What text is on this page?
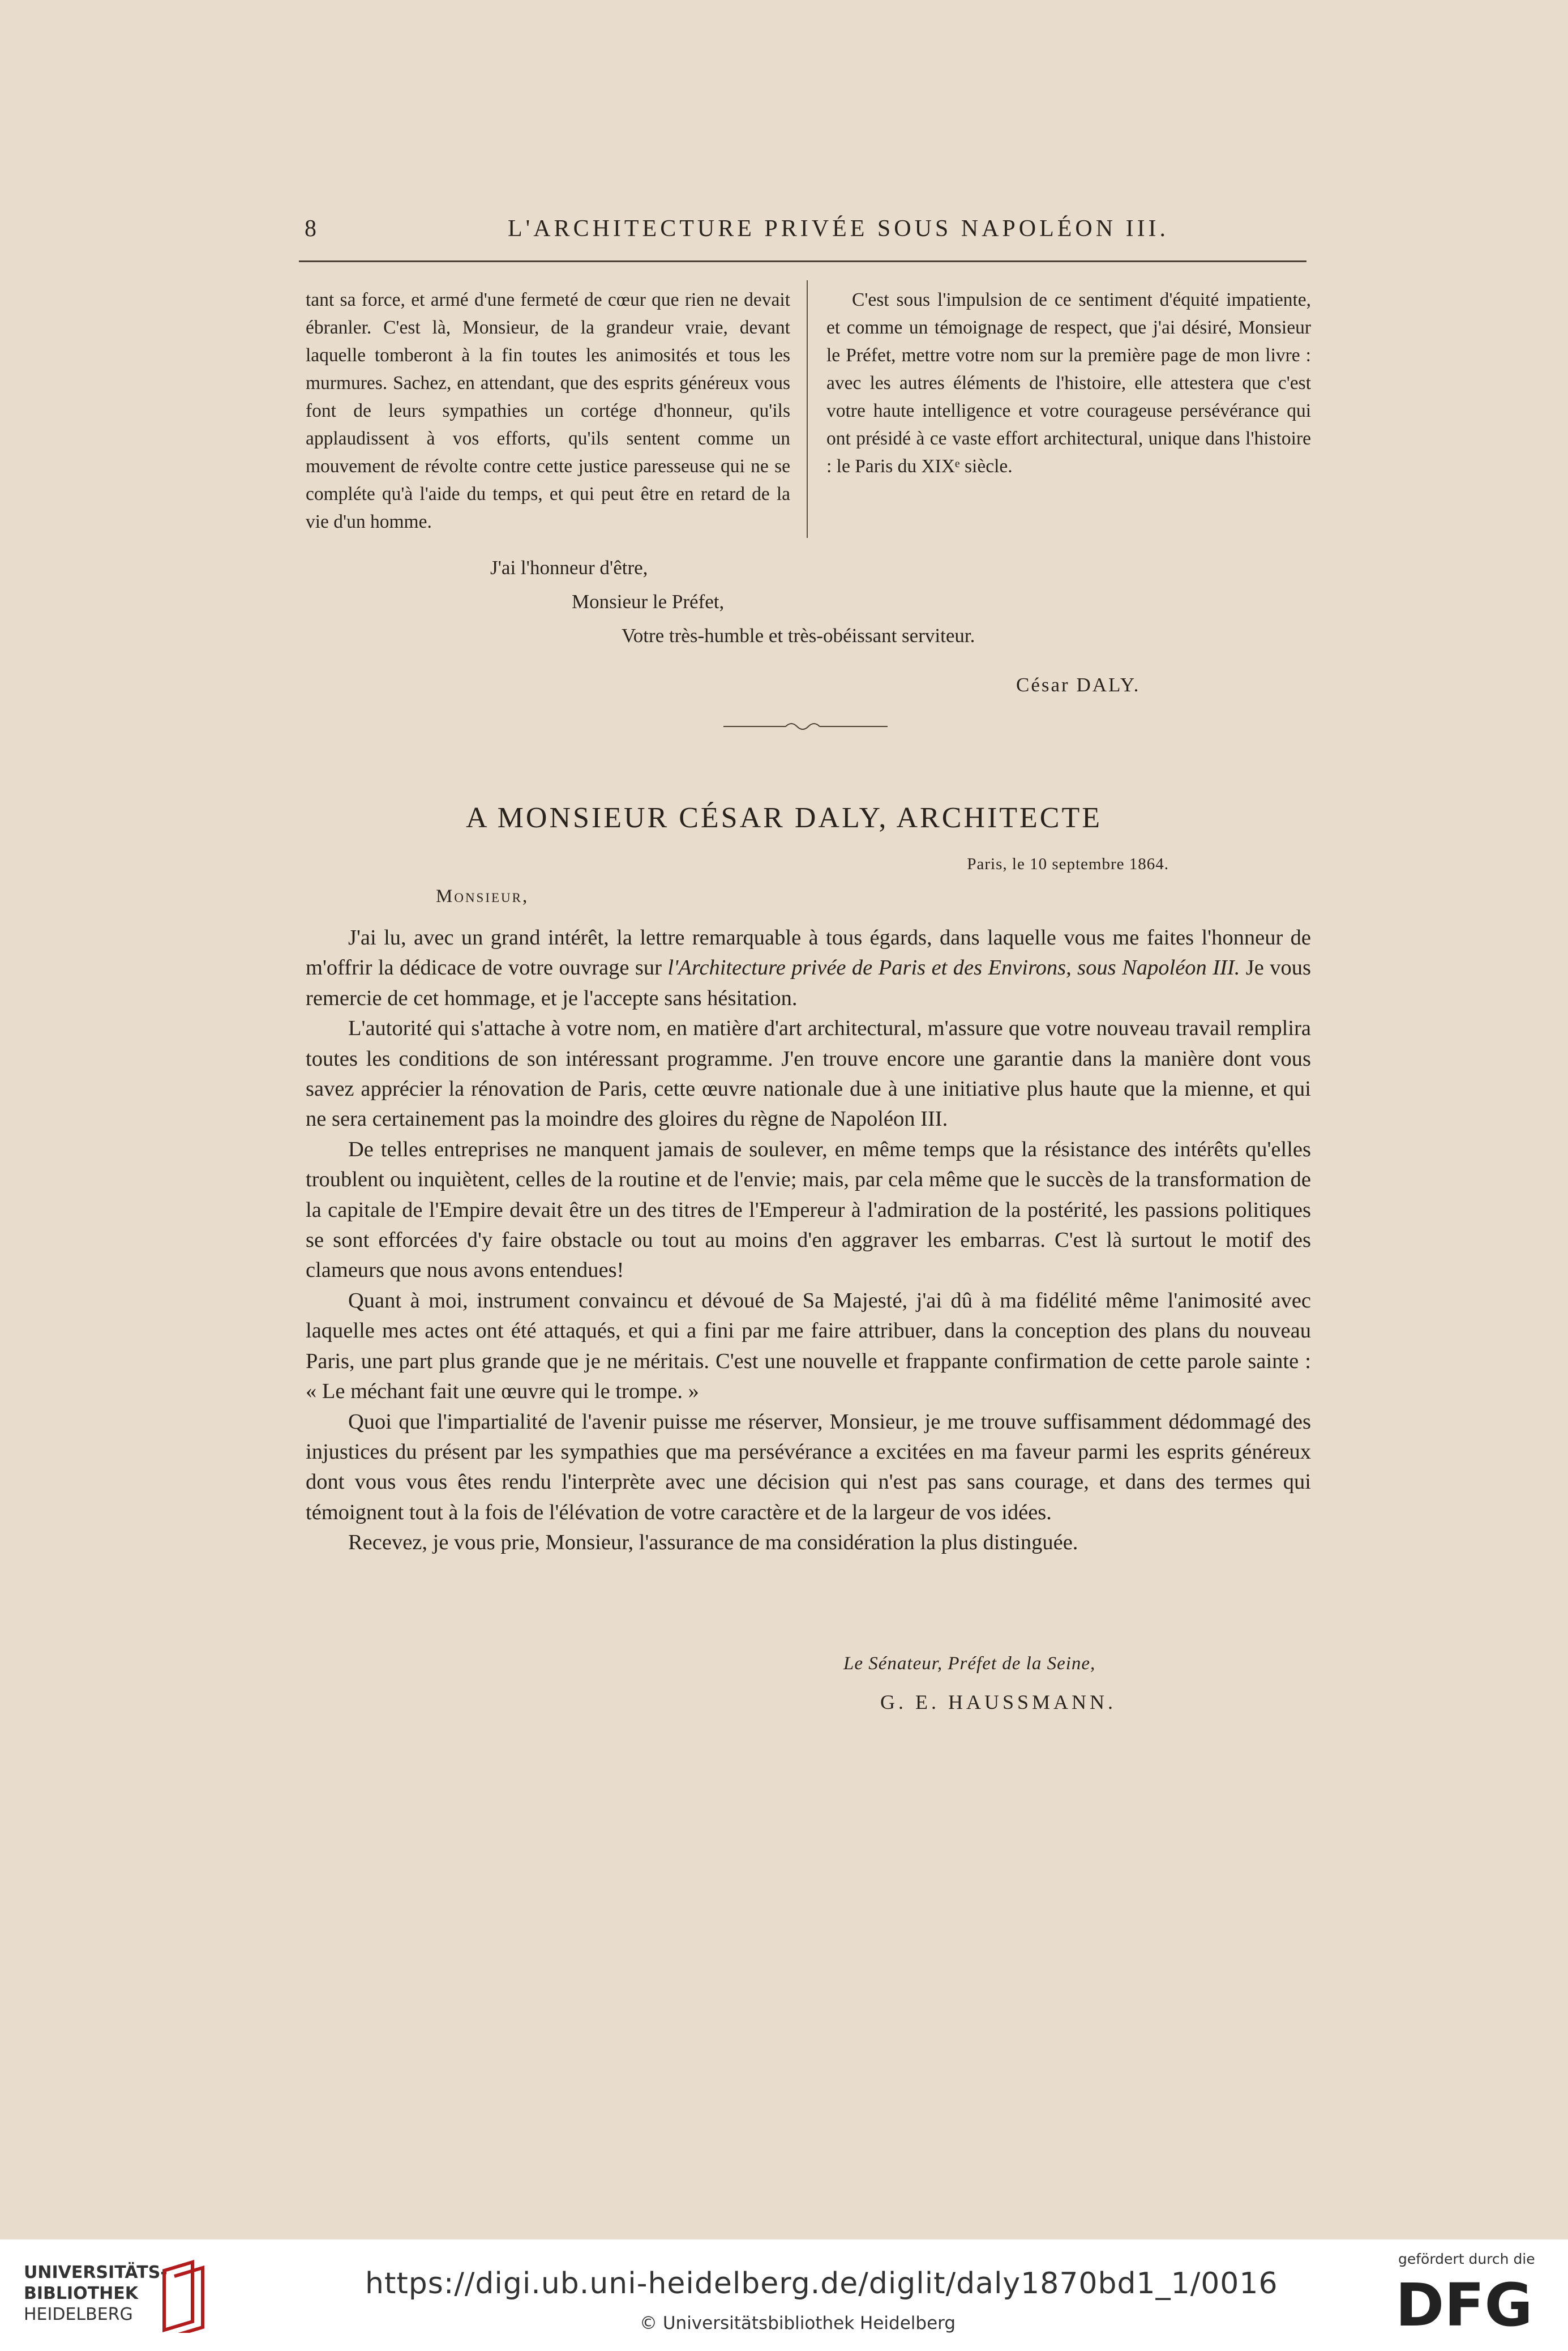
8	L'ARCHITECTURE PRIVÉE SOUS NAPOLÉON III.

tant sa force, et armé d'une fermeté de cœur que rien ne devait ébranler. C'est là, Monsieur, de la grandeur vraie, devant laquelle tomberont à la fin toutes les animosités et tous les murmures. Sachez, en attendant, que des esprits généreux vous font de leurs sympathies un cortége d'honneur, qu'ils applaudissent à vos efforts, qu'ils sentent comme un mouvement de révolte contre cette justice paresseuse qui ne se compléte qu'à l'aide du temps, et qui peut être en retard de la vie d'un homme.

C'est sous l'impulsion de ce sentiment d'équité impatiente, et comme un témoignage de respect, que j'ai désiré, Monsieur le Préfet, mettre votre nom sur la première page de mon livre : avec les autres éléments de l'histoire, elle attestera que c'est votre haute intelligence et votre courageuse persévérance qui ont présidé à ce vaste effort architectural, unique dans l'histoire : le Paris du XIXᵉ siècle.

J'ai l'honneur d'être,
Monsieur le Préfet,
Votre très-humble et très-obéissant serviteur.
César DALY.
A MONSIEUR CÉSAR DALY, ARCHITECTE
Paris, le 10 septembre 1864.
Monsieur,

J'ai lu, avec un grand intérêt, la lettre remarquable à tous égards, dans laquelle vous me faites l'honneur de m'offrir la dédicace de votre ouvrage sur l'Architecture privée de Paris et des Environs, sous Napoléon III. Je vous remercie de cet hommage, et je l'accepte sans hésitation.

L'autorité qui s'attache à votre nom, en matière d'art architectural, m'assure que votre nouveau travail remplira toutes les conditions de son intéressant programme. J'en trouve encore une garantie dans la manière dont vous savez apprécier la rénovation de Paris, cette œuvre nationale due à une initiative plus haute que la mienne, et qui ne sera certainement pas la moindre des gloires du règne de Napoléon III.

De telles entreprises ne manquent jamais de soulever, en même temps que la résistance des intérêts qu'elles troublent ou inquiètent, celles de la routine et de l'envie; mais, par cela même que le succès de la transformation de la capitale de l'Empire devait être un des titres de l'Empereur à l'admiration de la postérité, les passions politiques se sont efforcées d'y faire obstacle ou tout au moins d'en aggraver les embarras. C'est là surtout le motif des clameurs que nous avons entendues!

Quant à moi, instrument convaincu et dévoué de Sa Majesté, j'ai dû à ma fidélité même l'animosité avec laquelle mes actes ont été attaqués, et qui a fini par me faire attribuer, dans la conception des plans du nouveau Paris, une part plus grande que je ne méritais. C'est une nouvelle et frappante confirmation de cette parole sainte : « Le méchant fait une œuvre qui le trompe. »

Quoi que l'impartialité de l'avenir puisse me réserver, Monsieur, je me trouve suffisamment dédommagé des injustices du présent par les sympathies que ma persévérance a excitées en ma faveur parmi les esprits généreux dont vous vous êtes rendu l'interprète avec une décision qui n'est pas sans courage, et dans des termes qui témoignent tout à la fois de l'élévation de votre caractère et de la largeur de vos idées.

Recevez, je vous prie, Monsieur, l'assurance de ma considération la plus distinguée.

Le Sénateur, Préfet de la Seine,
G. E. HAUSSMANN.
UNIVERSITÄTS-
BIBLIOTHEK
HEIDELBERG
https://digi.ub.uni-heidelberg.de/diglit/daly1870bd1_1/0016
© Universitätsbibliothek Heidelberg
gefördert durch die
DFG
